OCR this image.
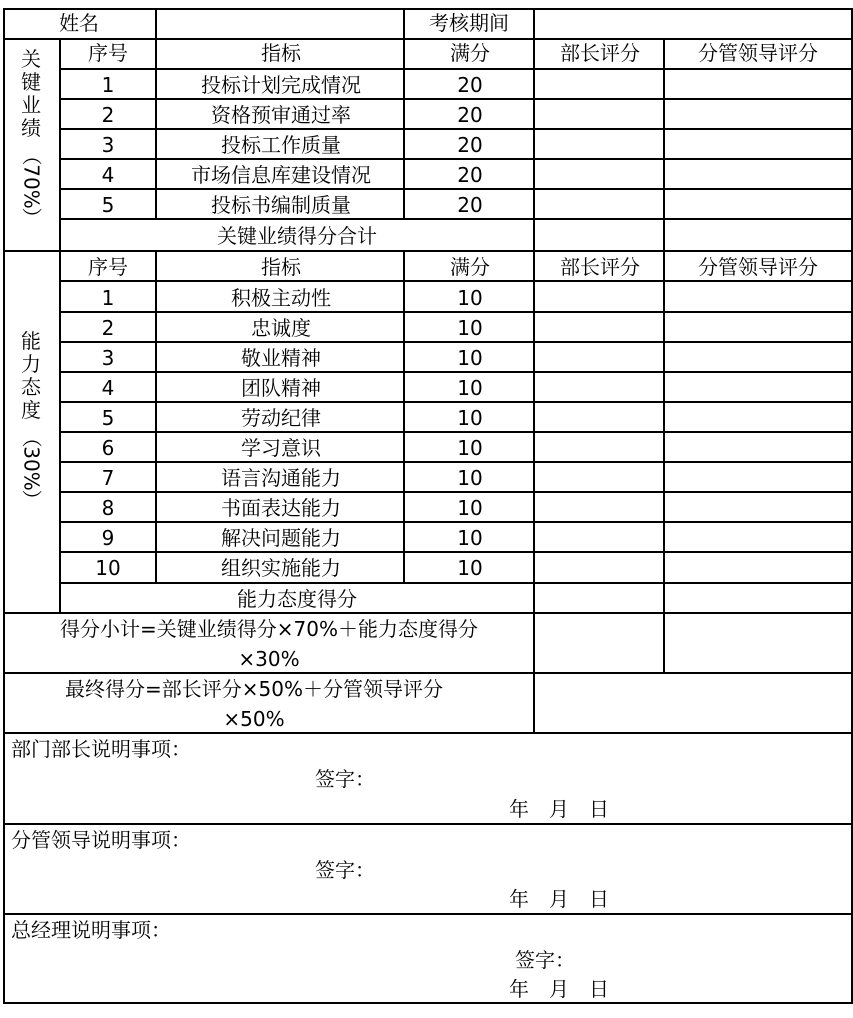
姓名	考核期间
关
键
业
绩
（
70%
）
序号	指标	满分	部长评分	分管领导评分
1	投标计划完成情况	20
2	资格预审通过率	20
3	投标工作质量	20
4	市场信息库建设情况	20
5	投标书编制质量	20
关键业绩得分合计
能
力
态
度
（
30%
）
序号	指标	满分	部长评分	分管领导评分
1	积极主动性	10
2	忠诚度	10
3	敬业精神	10
4	团队精神	10
5	劳动纪律	10
6	学习意识	10
7	语言沟通能力	10
8	书面表达能力	10
9	解决问题能力	10
10	组织实施能力	10
能力态度得分
得分小计=关键业绩得分×70%＋能力态度得分
×30%
最终得分=部长评分×50%＋分管领导评分
×50%
部门部长说明事项：
签字：
年　月　日
分管领导说明事项：
签字：
年　月　日
总经理说明事项：
签字：
年　月　日
